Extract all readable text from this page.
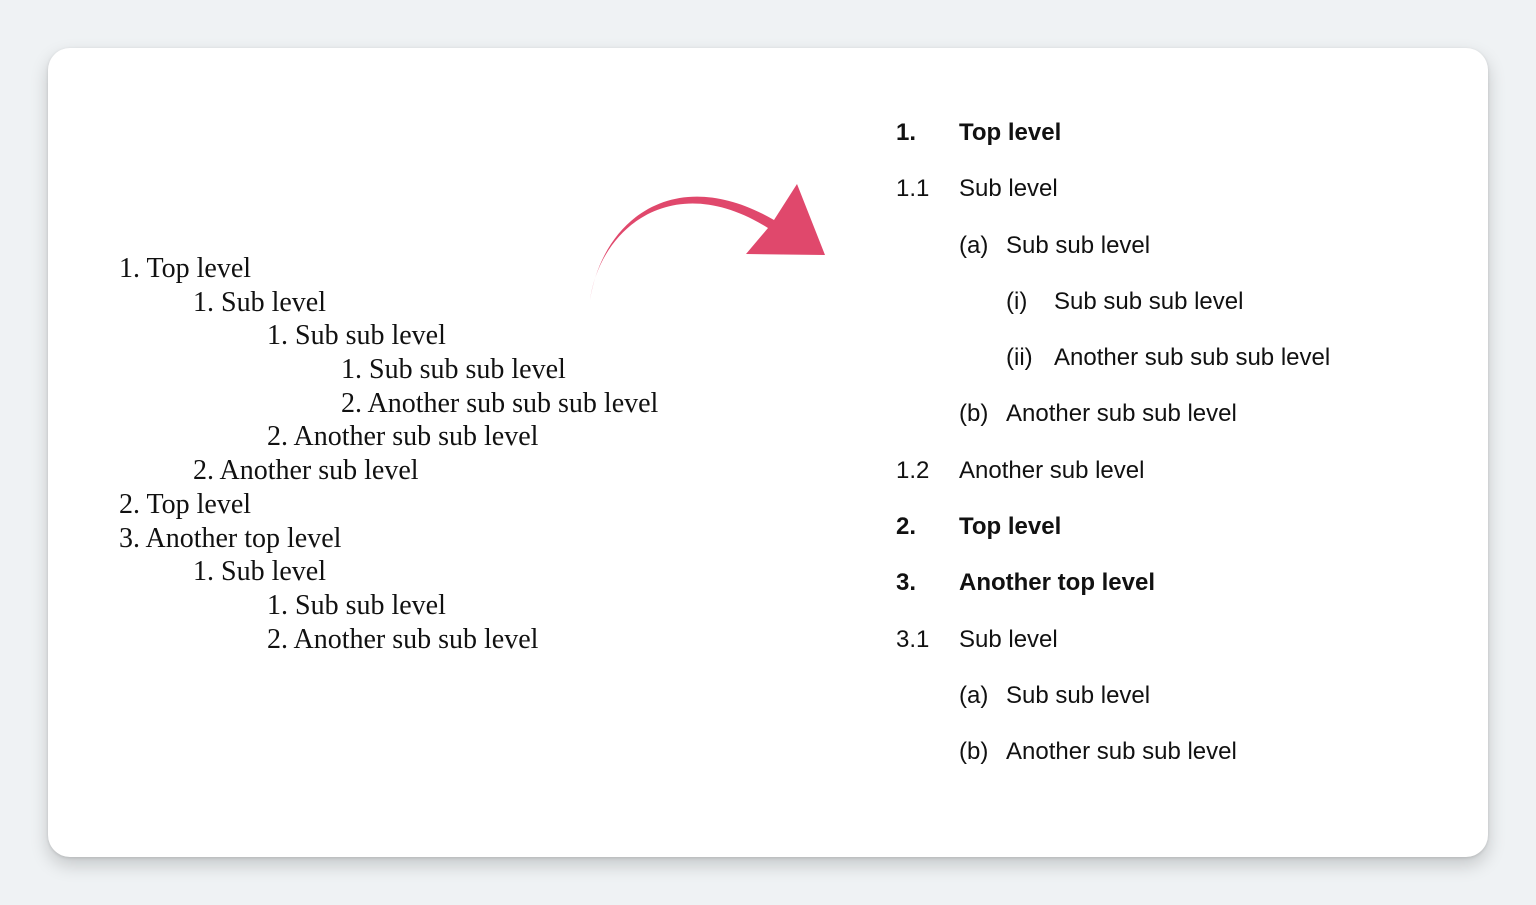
1. Top level
1. Sub level
1. Sub sub level
1. Sub sub sub level
2. Another sub sub sub level
2. Another sub sub level
2. Another sub level
2. Top level
3. Another top level
1. Sub level
1. Sub sub level
2. Another sub sub level
1. Top level
1.1 Sub level
(a) Sub sub level
(i) Sub sub sub level
(ii) Another sub sub sub level
(b) Another sub sub level
1.2 Another sub level
2. Top level
3. Another top level
3.1 Sub level
(a) Sub sub level
(b) Another sub sub level
